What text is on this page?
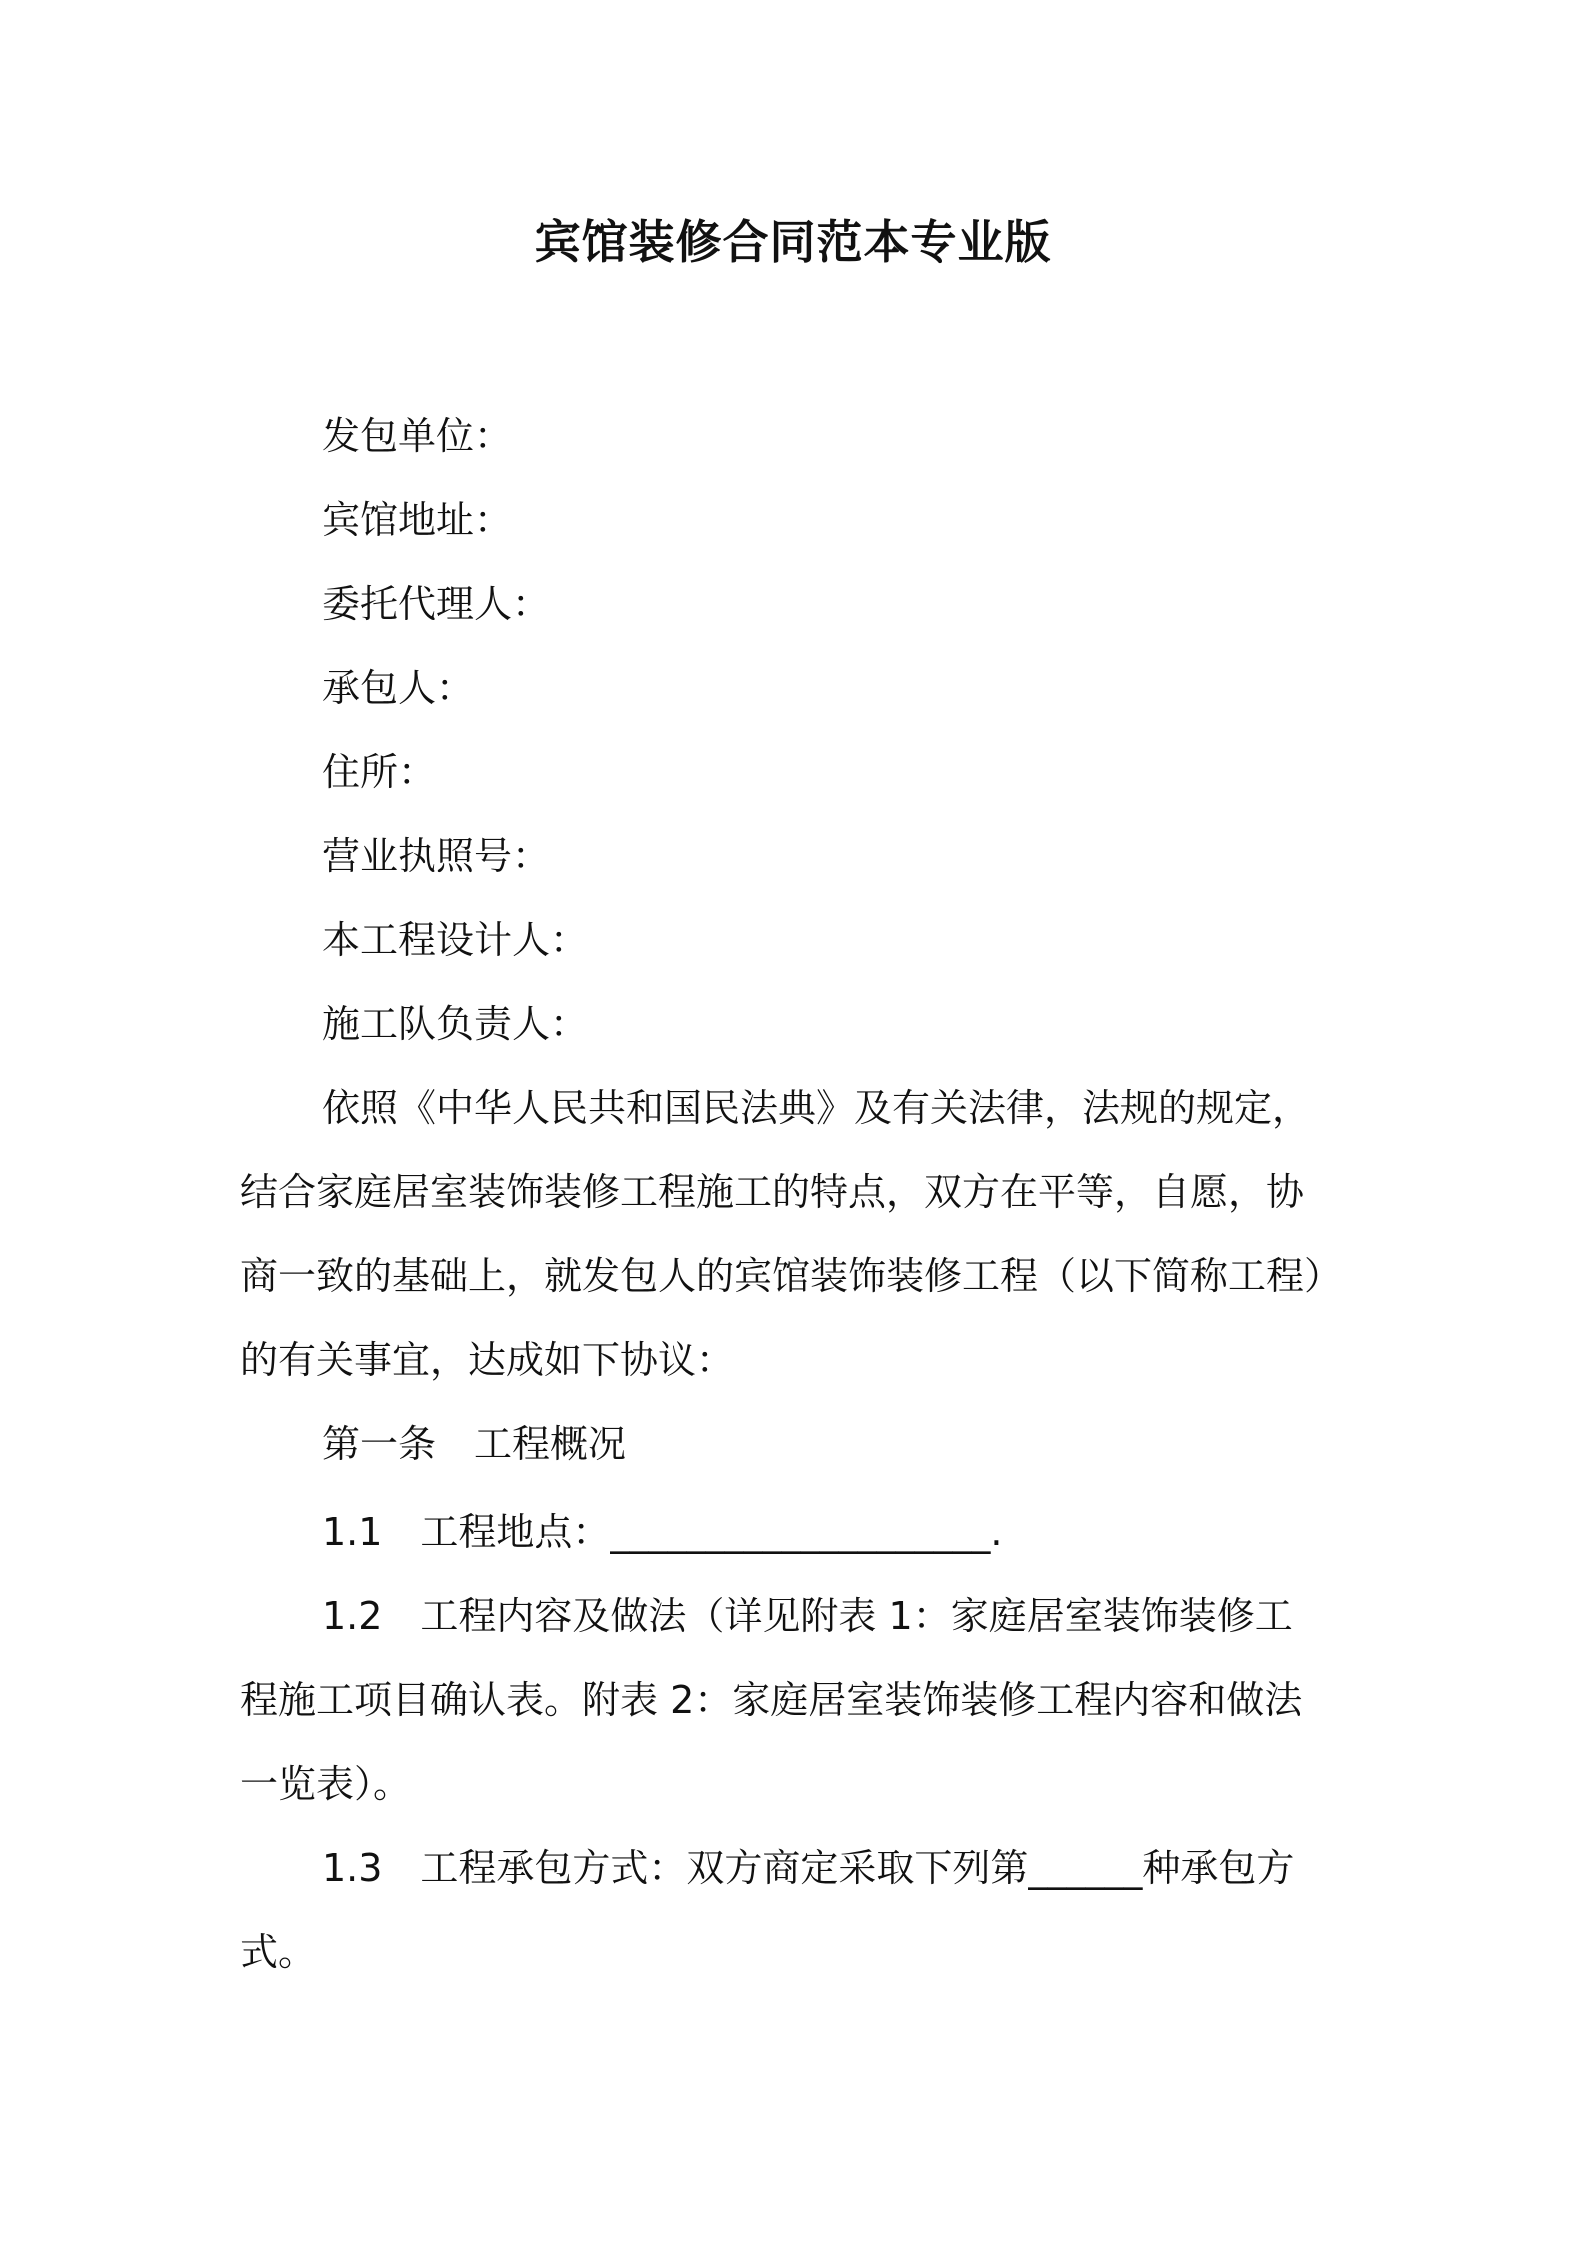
宾馆装修合同范本专业版
发包单位：
宾馆地址：
委托代理人：
承包人：
住所：
营业执照号：
本工程设计人：
施工队负责人：
依照《中华人民共和国民法典》及有关法律，法规的规定，
结合家庭居室装饰装修工程施工的特点，双方在平等，自愿，协
商一致的基础上，就发包人的宾馆装饰装修工程（以下简称工程）
的有关事宜，达成如下协议：
第一条　工程概况
1.1　工程地点：____________________.
1.2　工程内容及做法（详见附表 1：家庭居室装饰装修工
程施工项目确认表。附表 2：家庭居室装饰装修工程内容和做法
一览表）。
1.3　工程承包方式：双方商定采取下列第______种承包方
式。
